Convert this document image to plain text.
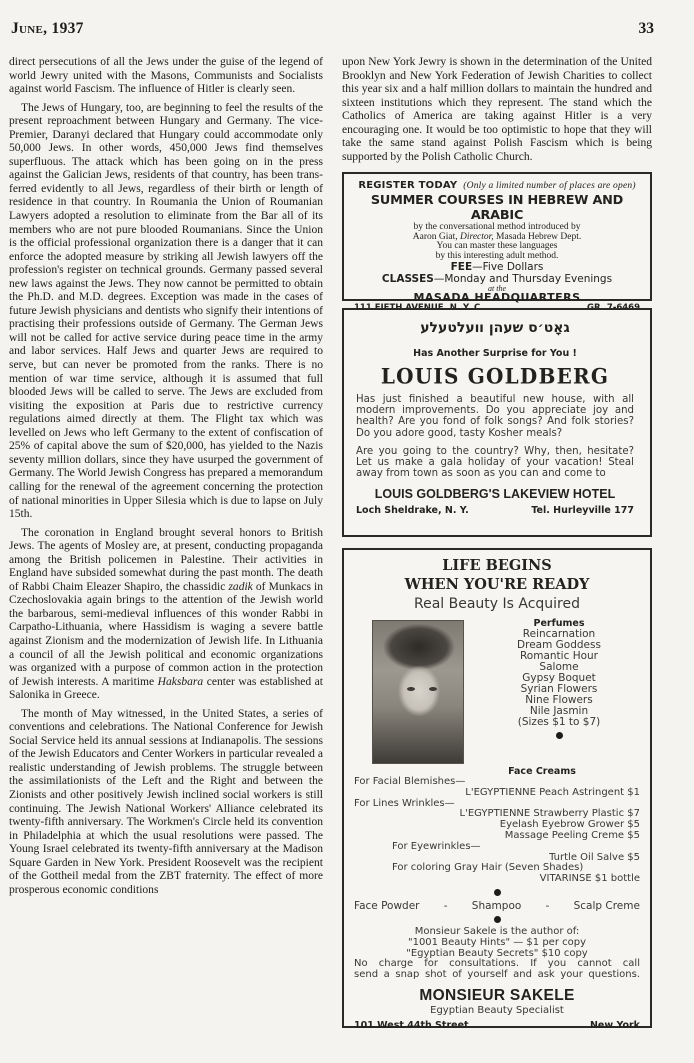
June, 1937	33

direct persecutions of all the Jews under the guise of the legend of world Jewry united with the Masons, Communists and Socialists against world Fascism. The influence of Hitler is clearly seen.

The Jews of Hungary, too, are beginning to feel the results of the present reproachment between Hungary and Germany. The vice-Premier, Daranyi declared that Hungary could accommodate only 50,000 Jews. In other words, 450,000 Jews find themselves superfluous. The attack which has been going on in the press against the Galician Jews, residents of that country, has been transferred evidently to all Jews, regardless of their birth or length of residence in that country. In Roumania the Union of Roumanian Lawyers adopted a resolution to eliminate from the Bar all of its members who are not pure blooded Roumanians. Since the Union is the official professional organization there is a danger that it can enforce the adopted measure by striking all Jewish lawyers off the profession's register on technical grounds. Germany passed several new laws against the Jews. They now cannot be permitted to obtain the Ph.D. and M.D. degrees. Exception was made in the cases of future Jewish physicians and dentists who signify their intentions of practising their professions outside of Germany. The German Jews will not be called for active service during peace time in the army and labor services. Half Jews and quarter Jews are required to serve, but can never be promoted from the ranks. There is no mention of war time service, although it is assumed that full blooded Jews will be called to serve. The Jews are excluded from visiting the exposition at Paris due to restrictive currency regulations aimed directly at them. The Flight tax which was levelled on Jews who left Germany to the extent of confiscation of 25% of capital above the sum of $20,000, has yielded to the Nazis seventy million dollars, since they have usurped the government of Germany. The World Jewish Congress has prepared a memorandum calling for the renewal of the agreement concerning the protection of national minorities in Upper Silesia which is due to lapse on July 15th.

The coronation in England brought several honors to British Jews. The agents of Mosley are, at present, conducting propaganda among the British policemen in Palestine. Their activities in England have subsided somewhat during the past month. The death of Rabbi Chaim Eleazer Shapiro, the chassidic zadik of Munkacs in Czechoslovakia again brings to the attention of the Jewish world the barbarous, semi-medieval influences of this wonder Rabbi in Carpatho-Lithuania, where Hassidism is waging a severe battle against Zionism and the modernization of Jewish life. In Lithuania a council of all the Jewish political and economic organizations was organized with a purpose of common action in the protection of Jewish interests. A maritime Haksbara center was established at Salonika in Greece.

The month of May witnessed, in the United States, a series of conventions and celebrations. The National Conference for Jewish Social Service held its annual sessions at Indianapolis. The sessions of the Jewish Educators and Center Workers in particular revealed a realistic understanding of Jewish problems. The struggle between the assimilationists of the Left and the Right and between the Zionists and other positively Jewish inclined social workers is still continuing. The Jewish National Workers' Alliance celebrated its twenty-fifth anniversary. The Workmen's Circle held its convention in Philadelphia at which the usual resolutions were passed. The Young Israel celebrated its twenty-fifth anniversary at the Madison Square Garden in New York. President Roosevelt was the recipient of the Gottheil medal from the ZBT fraternity. The effect of more prosperous economic conditions

upon New York Jewry is shown in the determination of the United Brooklyn and New York Federation of Jewish Charities to collect this year six and a half million dollars to maintain the hundred and sixteen institutions which they represent. The stand which the Catholics of America are taking against Hitler is a very encouraging one. It would be too optimistic to hope that they will take the same stand against Polish Fascism which is being supported by the Polish Catholic Church.
REGISTER TODAY (Only a limited number of places are open)
SUMMER COURSES IN HEBREW AND ARABIC
by the conversational method introduced by
Aaron Giat, Director, Masada Hebrew Dept.
You can master these languages
by this interesting adult method.
FEE—Five Dollars
CLASSES—Monday and Thursday Evenings
at the
MASADA HEADQUARTERS
גאָט׳ס שעהן װעלטעלע
Has Another Surprise for You !
LOUIS GOLDBERG
Has just finished a beautiful new house, with all modern improvements. Do you appreciate joy and health? Are you fond of folk songs? And folk stories? Do you adore good, tasty Kosher meals?
Are you going to the country? Why, then, hesitate? Let us make a gala holiday of your vacation! Steal away from town as soon as you can and come to
LOUIS GOLDBERG'S LAKEVIEW HOTEL
Loch Sheldrake, N. Y.	Tel. Hurleyville 177
LIFE BEGINS
WHEN YOU'RE READY
Real Beauty Is Acquired
Perfumes
Reincarnation
Dream Goddess
Romantic Hour
Salome
Gypsy Boquet
Syrian Flowers
Nine Flowers
Nile Jasmin
(Sizes $1 to $7)
Face Creams
For Facial Blemishes—
L'EGYPTIENNE Peach Astringent $1
For Lines Wrinkles—
L'EGYPTIENNE Strawberry Plastic $7
Eyelash Eyebrow Grower $5
Massage Peeling Creme $5
For Eyewrinkles—
Turtle Oil Salve $5
For coloring Gray Hair (Seven Shades)
VITARINSE $1 bottle
Face Powder - Shampoo - Scalp Creme
Monsieur Sakele is the author of:
"1001 Beauty Hints" — $1 per copy
"Egyptian Beauty Secrets" $10 copy
No charge for consultations. If you cannot call
send a snap shot of yourself and ask your questions.
MONSIEUR SAKELE
Egyptian Beauty Specialist
101 West 44th Street	New York
